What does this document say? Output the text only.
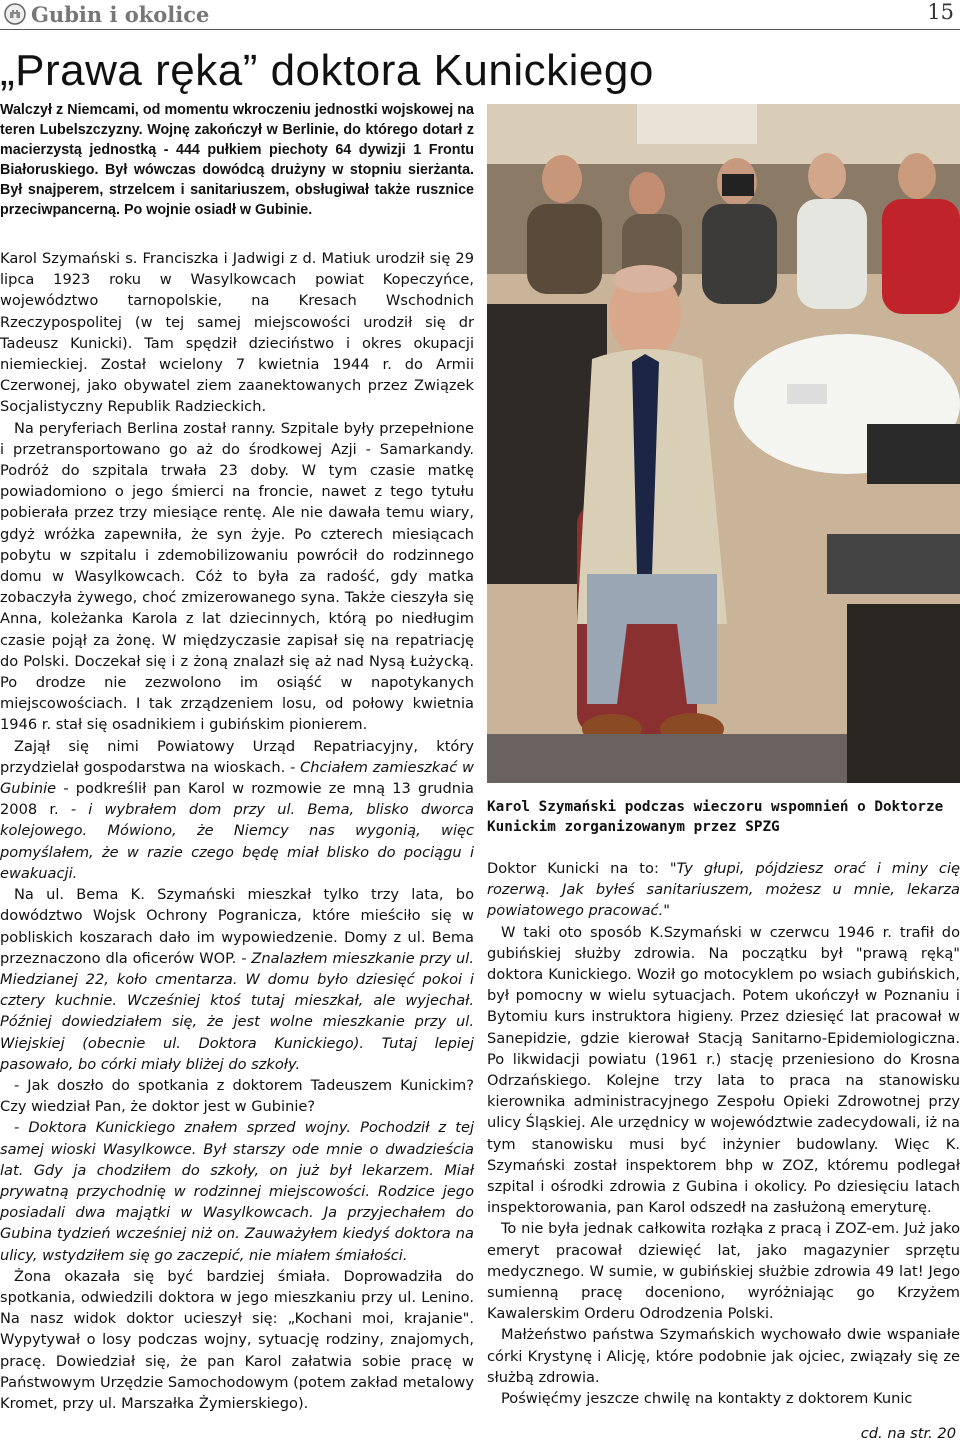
Gubin i okolice	15
„Prawa ręka” doktora Kunickiego

Walczył z Niemcami, od momentu wkroczeniu jednostki wojskowej na teren Lubelszczyzny. Wojnę zakończył w Berlinie, do którego dotarł z macierzystą jednostką - 444 pułkiem piechoty 64 dywizji 1 Frontu Białoruskiego. Był wówczas dowódcą drużyny w stopniu sierżanta. Był snajperem, strzelcem i sanitariuszem, obsługiwał także rusznice przeciwpancerną. Po wojnie osiadł w Gubinie.

Karol Szymański podczas wieczoru wspomnień o Doktorze Kunickim zorganizowanym przez SPZG

Karol Szymański s. Franciszka i Jadwigi z d. Matiuk urodził się 29 lipca 1923 roku w Wasylkowcach powiat Kopeczyńce, województwo tarnopolskie, na Kresach Wschodnich Rzeczypospolitej (w tej samej miejscowości urodził się dr Tadeusz Kunicki). Tam spędził dzieciństwo i okres okupacji niemieckiej. Został wcielony 7 kwietnia 1944 r. do Armii Czerwonej, jako obywatel ziem zaanektowanych przez Związek Socjalistyczny Republik Radzieckich.

Na peryferiach Berlina został ranny. Szpitale były przepełnione i przetransportowano go aż do środkowej Azji - Samarkandy. Podróż do szpitala trwała 23 doby. W tym czasie matkę powiadomiono o jego śmierci na froncie, nawet z tego tytułu pobierała przez trzy miesiące rentę. Ale nie dawała temu wiary, gdyż wróżka zapewniła, że syn żyje. Po czterech miesiącach pobytu w szpitalu i zdemobilizowaniu powrócił do rodzinnego domu w Wasylkowcach. Cóż to była za radość, gdy matka zobaczyła żywego, choć zmizerowanego syna. Także cieszyła się Anna, koleżanka Karola z lat dziecinnych, którą po niedługim czasie pojął za żonę. W międzyczasie zapisał się na repatriację do Polski. Doczekał się i z żoną znalazł się aż nad Nysą Łużycką. Po drodze nie zezwolono im osiąść w napotykanych miejscowościach. I tak zrządzeniem losu, od połowy kwietnia 1946 r. stał się osadnikiem i gubińskim pionierem.

Zajął się nimi Powiatowy Urząd Repatriacyjny, który przydzielał gospodarstwa na wioskach. - Chciałem zamieszkać w Gubinie - podkreślił pan Karol w rozmowie ze mną 13 grudnia 2008 r. - i wybrałem dom przy ul. Bema, blisko dworca kolejowego. Mówiono, że Niemcy nas wygonią, więc pomyślałem, że w razie czego będę miał blisko do pociągu i ewakuacji.

Na ul. Bema K. Szymański mieszkał tylko trzy lata, bo dowództwo Wojsk Ochrony Pogranicza, które mieściło się w pobliskich koszarach dało im wypowiedzenie. Domy z ul. Bema przeznaczono dla oficerów WOP. - Znalazłem mieszkanie przy ul. Miedzianej 22, koło cmentarza. W domu było dziesięć pokoi i cztery kuchnie. Wcześniej ktoś tutaj mieszkał, ale wyjechał. Później dowiedziałem się, że jest wolne mieszkanie przy ul. Wiejskiej (obecnie ul. Doktora Kunickiego). Tutaj lepiej pasowało, bo córki miały bliżej do szkoły.

- Jak doszło do spotkania z doktorem Tadeuszem Kunickim? Czy wiedział Pan, że doktor jest w Gubinie?

- Doktora Kunickiego znałem sprzed wojny. Pochodził z tej samej wioski Wasylkowce. Był starszy ode mnie o dwadzieścia lat. Gdy ja chodziłem do szkoły, on już był lekarzem. Miał prywatną przychodnię w rodzinnej miejscowości. Rodzice jego posiadali dwa majątki w Wasylkowcach. Ja przyjechałem do Gubina tydzień wcześniej niż on. Zauważyłem kiedyś doktora na ulicy, wstydziłem się go zaczepić, nie miałem śmiałości.

Żona okazała się być bardziej śmiała. Doprowadziła do spotkania, odwiedzili doktora w jego mieszkaniu przy ul. Lenino. Na nasz widok doktor ucieszył się: „Kochani moi, krajanie". Wypytywał o losy podczas wojny, sytuację rodziny, znajomych, pracę. Dowiedział się, że pan Karol załatwia sobie pracę w Państwowym Urzędzie Samochodowym (potem zakład metalowy Kromet, przy ul. Marszałka Żymierskiego).

Doktor Kunicki na to: "Ty głupi, pójdziesz orać i miny cię rozerwą. Jak byłeś sanitariuszem, możesz u mnie, lekarza powiatowego pracować."

W taki oto sposób K.Szymański w czerwcu 1946 r. trafił do gubińskiej służby zdrowia. Na początku był "prawą ręką" doktora Kunickiego. Woził go motocyklem po wsiach gubińskich, był pomocny w wielu sytuacjach. Potem ukończył w Poznaniu i Bytomiu kurs instruktora higieny. Przez dziesięć lat pracował w Sanepidzie, gdzie kierował Stacją Sanitarno-Epidemiologiczna. Po likwidacji powiatu (1961 r.) stację przeniesiono do Krosna Odrzańskiego. Kolejne trzy lata to praca na stanowisku kierownika administracyjnego Zespołu Opieki Zdrowotnej przy ulicy Śląskiej. Ale urzędnicy w województwie zadecydowali, iż na tym stanowisku musi być inżynier budowlany. Więc K. Szymański został inspektorem bhp w ZOZ, któremu podlegał szpital i ośrodki zdrowia z Gubina i okolicy. Po dziesięciu latach inspektorowania, pan Karol odszedł na zasłużoną emeryturę.

To nie była jednak całkowita rozłąka z pracą i ZOZ-em. Już jako emeryt pracował dziewięć lat, jako magazynier sprzętu medycznego. W sumie, w gubińskiej służbie zdrowia 49 lat! Jego sumienną pracę doceniono, wyróżniając go Krzyżem Kawalerskim Orderu Odrodzenia Polski.

Małżeństwo państwa Szymańskich wychowało dwie wspaniałe córki Krystynę i Alicję, które podobnie jak ojciec, związały się ze służbą zdrowia.

Poświęćmy jeszcze chwilę na kontakty z doktorem Kunic

cd. na str. 20
